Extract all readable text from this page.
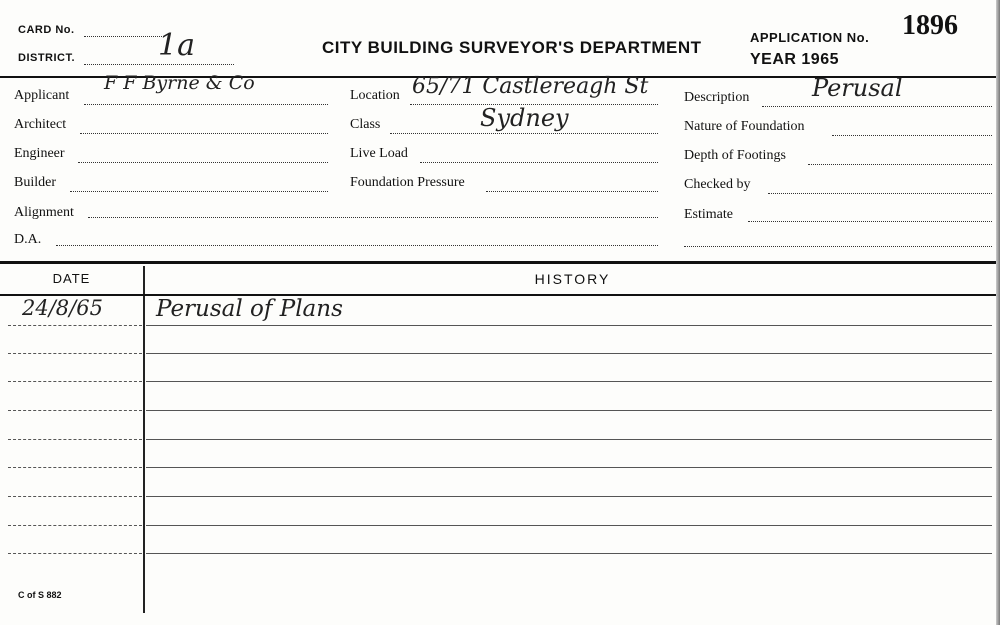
CARD No.
DISTRICT.	1a	CITY BUILDING SURVEYOR'S DEPARTMENT
APPLICATION No. 1896
YEAR 1965
Applicant
F F Byrne & Co
Architect
Engineer
Builder
Alignment
D.A.
Location 65/71 Castlereagh St
Class	Sydney
Live Load
Foundation Pressure
Description	Perusal
Nature of Foundation
Depth of Footings
Checked by
Estimate
DATE	HISTORY
24/8/65 Perusal of Plans
C of S 882
